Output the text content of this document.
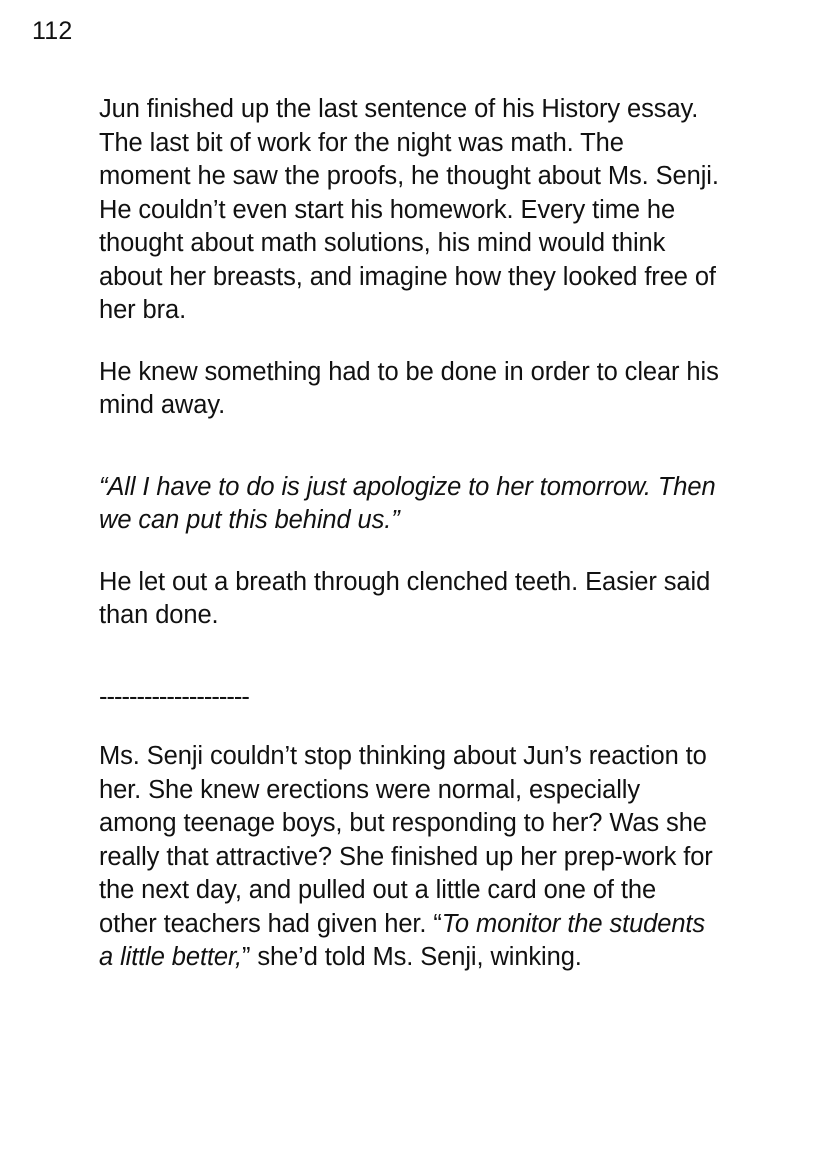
112

Jun finished up the last sentence of his History essay. The last bit of work for the night was math. The moment he saw the proofs, he thought about Ms. Senji. He couldn’t even start his homework. Every time he thought about math solutions, his mind would think about her breasts, and imagine how they looked free of her bra.

He knew something had to be done in order to clear his mind away.

“All I have to do is just apologize to her tomorrow. Then we can put this behind us.”

He let out a breath through clenched teeth. Easier said than done.

--------------------

Ms. Senji couldn’t stop thinking about Jun’s reaction to her. She knew erections were normal, especially among teenage boys, but responding to her? Was she really that attractive? She finished up her prep-work for the next day, and pulled out a little card one of the other teachers had given her. “To monitor the students a little better,” she’d told Ms. Senji, winking.
